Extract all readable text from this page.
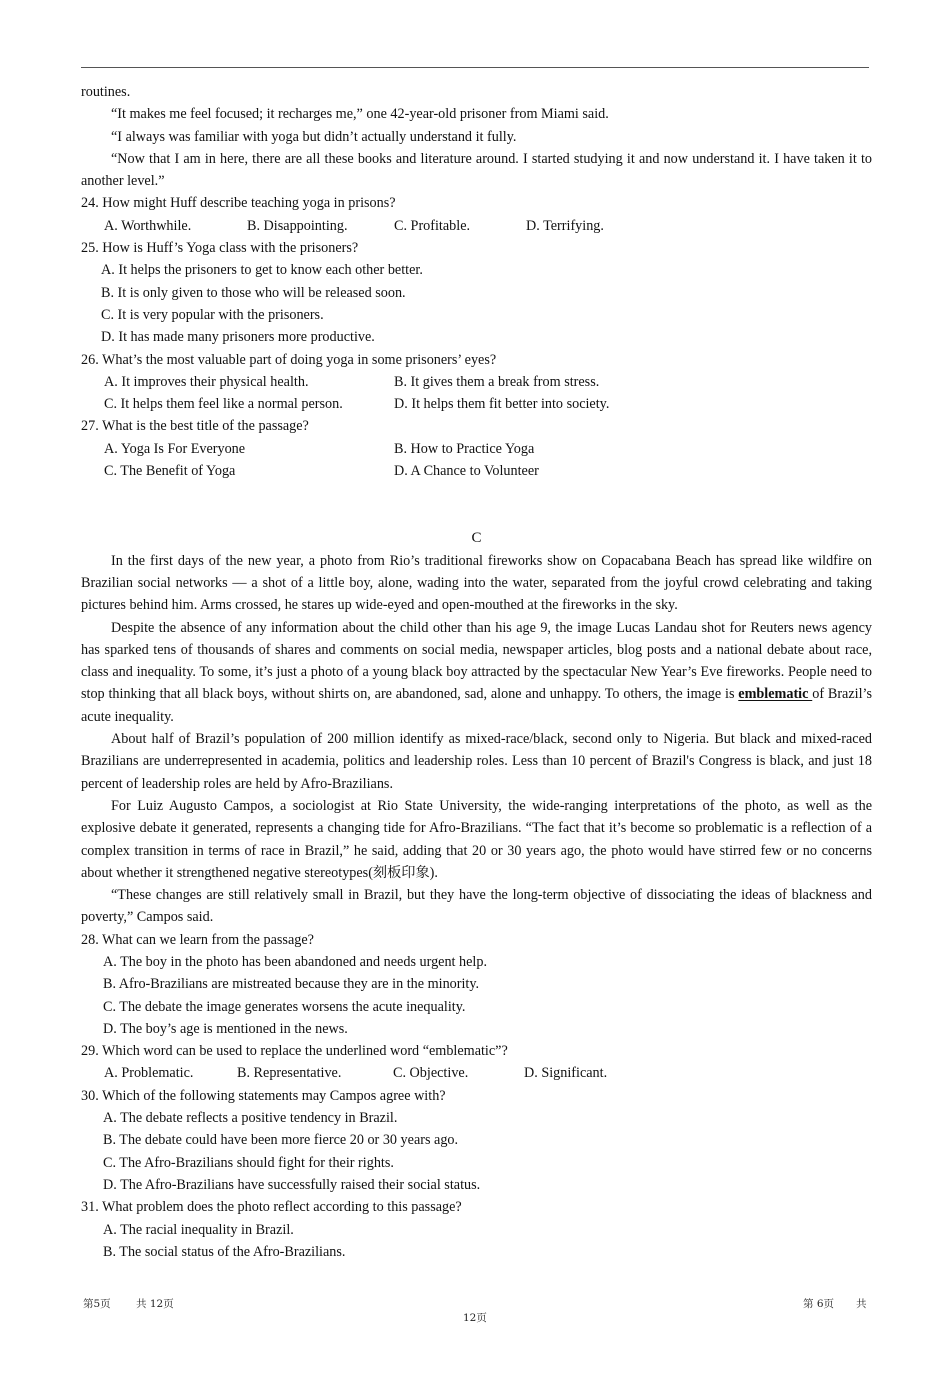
routines.

“It makes me feel focused; it recharges me,” one 42-year-old prisoner from Miami said.

“I always was familiar with yoga but didn’t actually understand it fully.

“Now that I am in here, there are all these books and literature around. I started studying it and now understand it. I have taken it to another level.”

24. How might Huff describe teaching yoga in prisons?

A. Worthwhile.	B. Disappointing.	C. Profitable.	D. Terrifying.

25. How is Huff’s Yoga class with the prisoners?

A. It helps the prisoners to get to know each other better.

B. It is only given to those who will be released soon.

C. It is very popular with the prisoners.

D. It has made many prisoners more productive.

26. What’s the most valuable part of doing yoga in some prisoners’ eyes?

A. It improves their physical health.	B. It gives them a break from stress.
C. It helps them feel like a normal person.	D. It helps them fit better into society.

27. What is the best title of the passage?

A. Yoga Is For Everyone	B. How to Practice Yoga
C. The Benefit of Yoga	D. A Chance to Volunteer

C

In the first days of the new year, a photo from Rio’s traditional fireworks show on Copacabana Beach has spread like wildfire on Brazilian social networks — a shot of a little boy, alone, wading into the water, separated from the joyful crowd celebrating and taking pictures behind him. Arms crossed, he stares up wide-eyed and open-mouthed at the fireworks in the sky.

Despite the absence of any information about the child other than his age 9, the image Lucas Landau shot for Reuters news agency has sparked tens of thousands of shares and comments on social media, newspaper articles, blog posts and a national debate about race, class and inequality. To some, it’s just a photo of a young black boy attracted by the spectacular New Year’s Eve fireworks. People need to stop thinking that all black boys, without shirts on, are abandoned, sad, alone and unhappy. To others, the image is emblematic of Brazil’s acute inequality.

About half of Brazil’s population of 200 million identify as mixed-race/black, second only to Nigeria. But black and mixed-raced Brazilians are underrepresented in academia, politics and leadership roles. Less than 10 percent of Brazil's Congress is black, and just 18 percent of leadership roles are held by Afro-Brazilians.

For Luiz Augusto Campos, a sociologist at Rio State University, the wide-ranging interpretations of the photo, as well as the explosive debate it generated, represents a changing tide for Afro-Brazilians. “The fact that it’s become so problematic is a reflection of a complex transition in terms of race in Brazil,” he said, adding that 20 or 30 years ago, the photo would have stirred few or no concerns about whether it strengthened negative stereotypes(刻板印象).

“These changes are still relatively small in Brazil, but they have the long-term objective of dissociating the ideas of blackness and poverty,” Campos said.

28. What can we learn from the passage?

A. The boy in the photo has been abandoned and needs urgent help.

B. Afro-Brazilians are mistreated because they are in the minority.

C. The debate the image generates worsens the acute inequality.

D. The boy’s age is mentioned in the news.

29. Which word can be used to replace the underlined word “emblematic”?

A. Problematic.	B. Representative.	C. Objective.	D. Significant.

30. Which of the following statements may Campos agree with?

A. The debate reflects a positive tendency in Brazil.

B. The debate could have been more fierce 20 or 30 years ago.

C. The Afro-Brazilians should fight for their rights.

D. The Afro-Brazilians have successfully raised their social status.

31. What problem does the photo reflect according to this passage?

A. The racial inequality in Brazil.

B. The social status of the Afro-Brazilians.

第5页 共 12页	第 6页 共
12页
